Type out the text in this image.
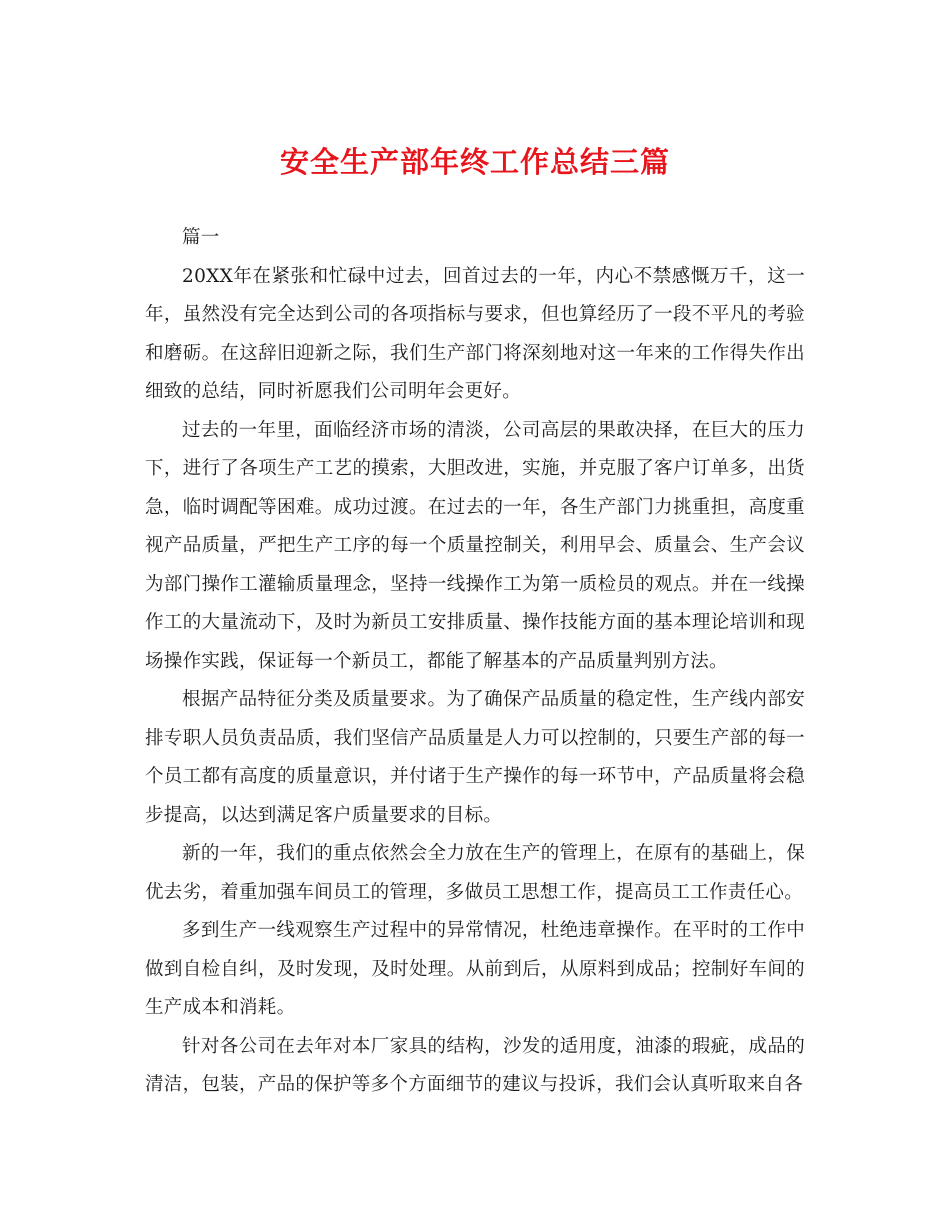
安全生产部年终工作总结三篇

篇一

20XX年在紧张和忙碌中过去，回首过去的一年，内心不禁感慨万千，这一年，虽然没有完全达到公司的各项指标与要求，但也算经历了一段不平凡的考验和磨砺。在这辞旧迎新之际，我们生产部门将深刻地对这一年来的工作得失作出细致的总结，同时祈愿我们公司明年会更好。

过去的一年里，面临经济市场的清淡，公司高层的果敢决择，在巨大的压力下，进行了各项生产工艺的摸索，大胆改进，实施，并克服了客户订单多，出货急，临时调配等困难。成功过渡。在过去的一年，各生产部门力挑重担，高度重视产品质量，严把生产工序的每一个质量控制关，利用早会、质量会、生产会议为部门操作工灌输质量理念，坚持一线操作工为第一质检员的观点。并在一线操作工的大量流动下，及时为新员工安排质量、操作技能方面的基本理论培训和现场操作实践，保证每一个新员工，都能了解基本的产品质量判别方法。

根据产品特征分类及质量要求。为了确保产品质量的稳定性，生产线内部安排专职人员负责品质，我们坚信产品质量是人力可以控制的，只要生产部的每一个员工都有高度的质量意识，并付诸于生产操作的每一环节中，产品质量将会稳步提高，以达到满足客户质量要求的目标。

新的一年，我们的重点依然会全力放在生产的管理上，在原有的基础上，保优去劣，着重加强车间员工的管理，多做员工思想工作，提高员工工作责任心。

多到生产一线观察生产过程中的异常情况，杜绝违章操作。在平时的工作中做到自检自纠，及时发现，及时处理。从前到后，从原料到成品；控制好车间的生产成本和消耗。

针对各公司在去年对本厂家具的结构，沙发的适用度，油漆的瑕疵，成品的清洁，包装，产品的保护等多个方面细节的建议与投诉，我们会认真听取来自各
